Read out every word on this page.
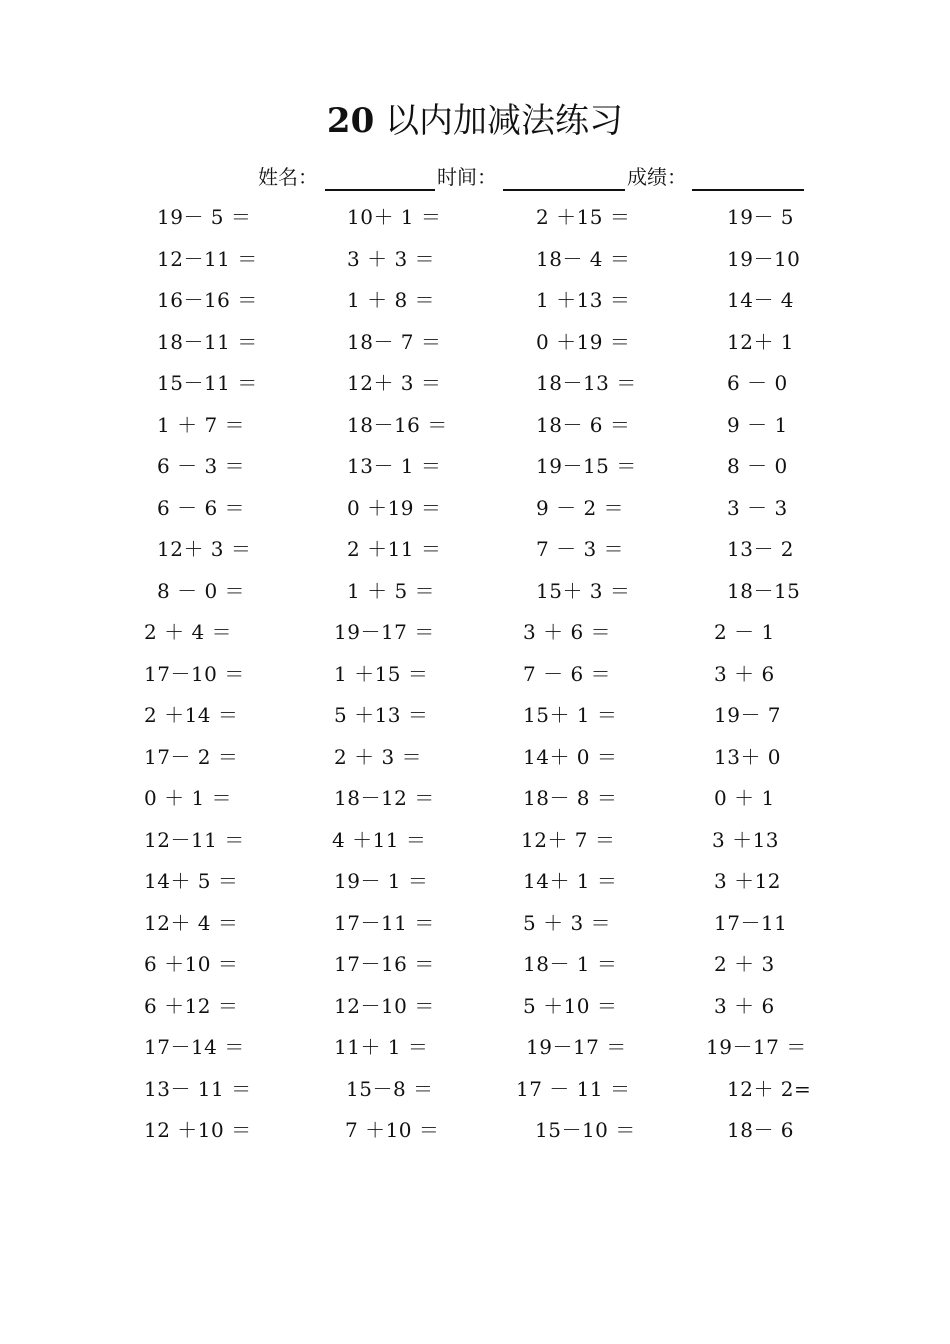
20 以内加减法练习
姓名：	时间：	成绩：
19－ 5 ＝	10＋ 1 ＝	2 ＋15 ＝	19－ 5
12－11 ＝	3 ＋ 3 ＝	18－ 4 ＝	19－10
16－16 ＝	1 ＋ 8 ＝	1 ＋13 ＝	14－ 4
18－11 ＝	18－ 7 ＝	0 ＋19 ＝	12＋ 1
15－11 ＝	12＋ 3 ＝	18－13 ＝	6 － 0
1 ＋ 7 ＝	18－16 ＝	18－ 6 ＝	9 － 1
6 － 3 ＝	13－ 1 ＝	19－15 ＝	8 － 0
6 － 6 ＝	0 ＋19 ＝	9 － 2 ＝	3 － 3
12＋ 3 ＝	2 ＋11 ＝	7 － 3 ＝	13－ 2
8 － 0 ＝	1 ＋ 5 ＝	15＋ 3 ＝	18－15
2 ＋ 4 ＝	19－17 ＝	3 ＋ 6 ＝	2 － 1
17－10 ＝	1 ＋15 ＝	7 － 6 ＝	3 ＋ 6
2 ＋14 ＝	5 ＋13 ＝	15＋ 1 ＝	19－ 7
17－ 2 ＝	2 ＋ 3 ＝	14＋ 0 ＝	13＋ 0
0 ＋ 1 ＝	18－12 ＝	18－ 8 ＝	0 ＋ 1
12－11 ＝	4 ＋11 ＝	12＋ 7 ＝	3 ＋13
14＋ 5 ＝	19－ 1 ＝	14＋ 1 ＝	3 ＋12
12＋ 4 ＝	17－11 ＝	5 ＋ 3 ＝	17－11
6 ＋10 ＝	17－16 ＝	18－ 1 ＝	2 ＋ 3
6 ＋12 ＝	12－10 ＝	5 ＋10 ＝	3 ＋ 6
17－14 ＝	11＋ 1 ＝	19－17 ＝	19－17 ＝
13－ 11 ＝	15－8 ＝	17 － 11 ＝	12＋ 2=
12 ＋10 ＝	7 ＋10 ＝	15－10 ＝	18－ 6
